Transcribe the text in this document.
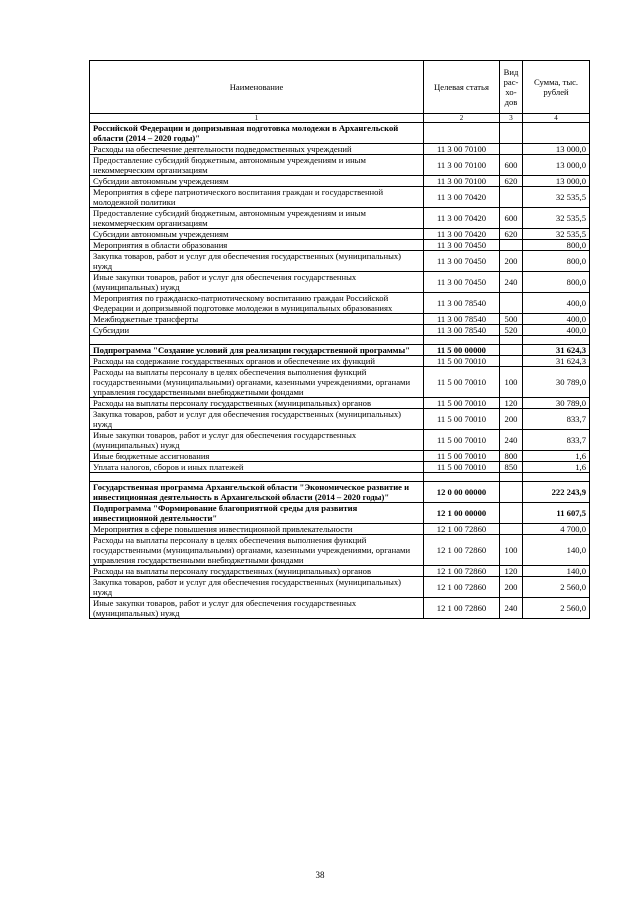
Наименование	Целевая статья	Вид
рас-
хо-
дов	Сумма, тыс. рублей
1	2	3	4
Российской Федерации и допризывная подготовка молодежи в Архангельской области (2014 – 2020 годы)"			
Расходы на обеспечение деятельности подведомственных учреждений	11 3 00 70100		13 000,0
Предоставление субсидий бюджетным, автономным учреждениям и иным некоммерческим организациям	11 3 00 70100	600	13 000,0
Субсидии автономным учреждениям	11 3 00 70100	620	13 000,0
Мероприятия в сфере патриотического воспитания граждан и государственной молодежной политики	11 3 00 70420		32 535,5
Предоставление субсидий бюджетным, автономным учреждениям и иным некоммерческим организациям	11 3 00 70420	600	32 535,5
Субсидии автономным учреждениям	11 3 00 70420	620	32 535,5
Мероприятия в области образования	11 3 00 70450		800,0
Закупка товаров, работ и услуг для обеспечения государственных (муниципальных) нужд	11 3 00 70450	200	800,0
Иные закупки товаров, работ и услуг для обеспечения государственных (муниципальных) нужд	11 3 00 70450	240	800,0
Мероприятия по гражданско-патриотическому воспитанию граждан Российской Федерации и допризывной подготовке молодежи в муниципальных образованиях	11 3 00 78540		400,0
Межбюджетные трансферты	11 3 00 78540	500	400,0
Субсидии	11 3 00 78540	520	400,0

Подпрограмма "Создание условий для реализации государственной программы"	11 5 00 00000		31 624,3
Расходы на содержание государственных органов и обеспечение их функций	11 5 00 70010		31 624,3
Расходы на выплаты персоналу в целях обеспечения выполнения функций государственными (муниципальными) органами, казенными учреждениями, органами управления государственными внебюджетными фондами	11 5 00 70010	100	30 789,0
Расходы на выплаты персоналу государственных (муниципальных) органов	11 5 00 70010	120	30 789,0
Закупка товаров, работ и услуг для обеспечения государственных (муниципальных) нужд	11 5 00 70010	200	833,7
Иные закупки товаров, работ и услуг для обеспечения государственных (муниципальных) нужд	11 5 00 70010	240	833,7
Иные бюджетные ассигнования	11 5 00 70010	800	1,6
Уплата налогов, сборов и иных платежей	11 5 00 70010	850	1,6

Государственная программа Архангельской области "Экономическое развитие и инвестиционная деятельность в Архангельской области (2014 – 2020 годы)"	12 0 00 00000		222 243,9
Подпрограмма "Формирование благоприятной среды для развития инвестиционной деятельности"	12 1 00 00000		11 607,5
Мероприятия в сфере повышения инвестиционной привлекательности	12 1 00 72860		4 700,0
Расходы на выплаты персоналу в целях обеспечения выполнения функций государственными (муниципальными) органами, казенными учреждениями, органами управления государственными внебюджетными фондами	12 1 00 72860	100	140,0
Расходы на выплаты персоналу государственных (муниципальных) органов	12 1 00 72860	120	140,0
Закупка товаров, работ и услуг для обеспечения государственных (муниципальных) нужд	12 1 00 72860	200	2 560,0
Иные закупки товаров, работ и услуг для обеспечения государственных (муниципальных) нужд	12 1 00 72860	240	2 560,0
38
